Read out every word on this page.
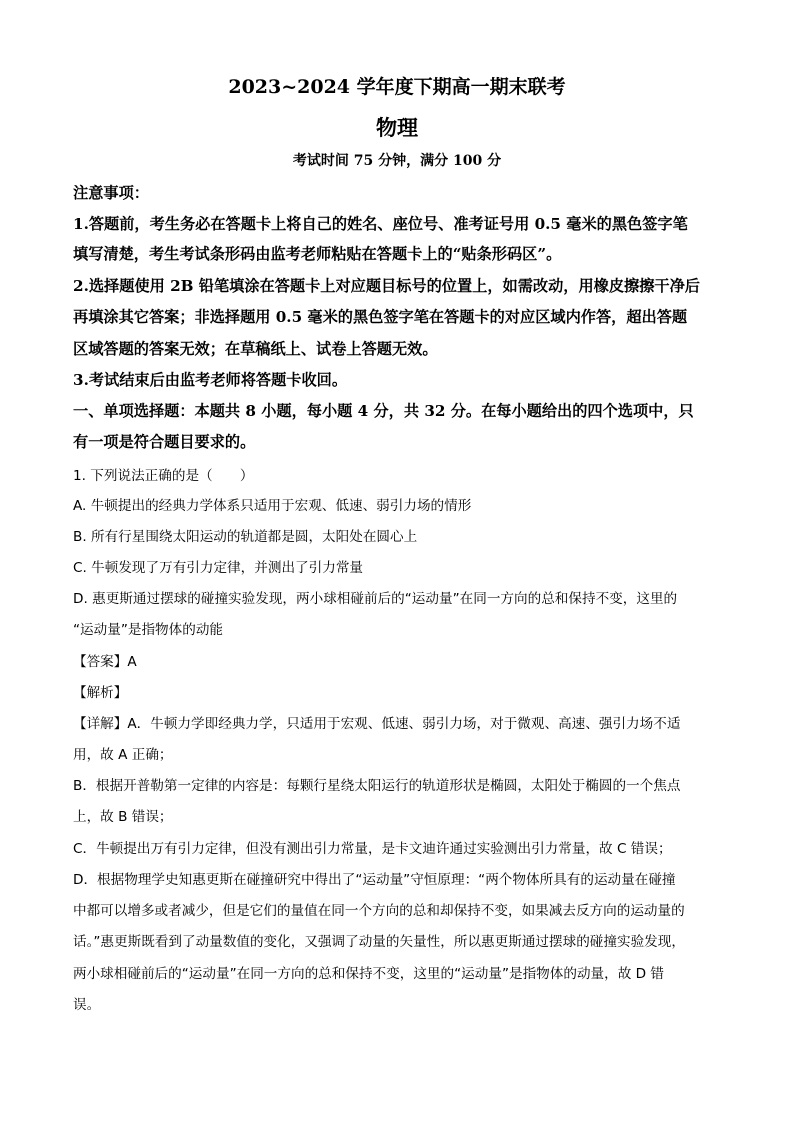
2023~2024 学年度下期高一期末联考
物理
考试时间 75 分钟，满分 100 分
注意事项：
1.答题前，考生务必在答题卡上将自己的姓名、座位号、准考证号用 0.5 毫米的黑色签字笔
填写清楚，考生考试条形码由监考老师粘贴在答题卡上的“贴条形码区”。
2.选择题使用 2B 铅笔填涂在答题卡上对应题目标号的位置上，如需改动，用橡皮擦擦干净后
再填涂其它答案；非选择题用 0.5 毫米的黑色签字笔在答题卡的对应区域内作答，超出答题
区域答题的答案无效；在草稿纸上、试卷上答题无效。
3.考试结束后由监考老师将答题卡收回。
一、单项选择题：本题共 8 小题，每小题 4 分，共 32 分。在每小题给出的四个选项中，只
有一项是符合题目要求的。
1. 下列说法正确的是（　　）
A. 牛顿提出的经典力学体系只适用于宏观、低速、弱引力场的情形
B. 所有行星围绕太阳运动的轨道都是圆，太阳处在圆心上
C. 牛顿发现了万有引力定律，并测出了引力常量
D. 惠更斯通过摆球的碰撞实验发现，两小球相碰前后的“运动量”在同一方向的总和保持不变，这里的
“运动量”是指物体的动能
【答案】A
【解析】
【详解】A．牛顿力学即经典力学，只适用于宏观、低速、弱引力场，对于微观、高速、强引力场不适
用，故 A 正确；
B．根据开普勒第一定律的内容是：每颗行星绕太阳运行的轨道形状是椭圆，太阳处于椭圆的一个焦点
上，故 B 错误；
C．牛顿提出万有引力定律，但没有测出引力常量，是卡文迪许通过实验测出引力常量，故 C 错误；
D．根据物理学史知惠更斯在碰撞研究中得出了“运动量”守恒原理：“两个物体所具有的运动量在碰撞
中都可以增多或者减少，但是它们的量值在同一个方向的总和却保持不变，如果减去反方向的运动量的
话。”惠更斯既看到了动量数值的变化，又强调了动量的矢量性，所以惠更斯通过摆球的碰撞实验发现，
两小球相碰前后的“运动量”在同一方向的总和保持不变，这里的“运动量”是指物体的动量，故 D 错
误。
